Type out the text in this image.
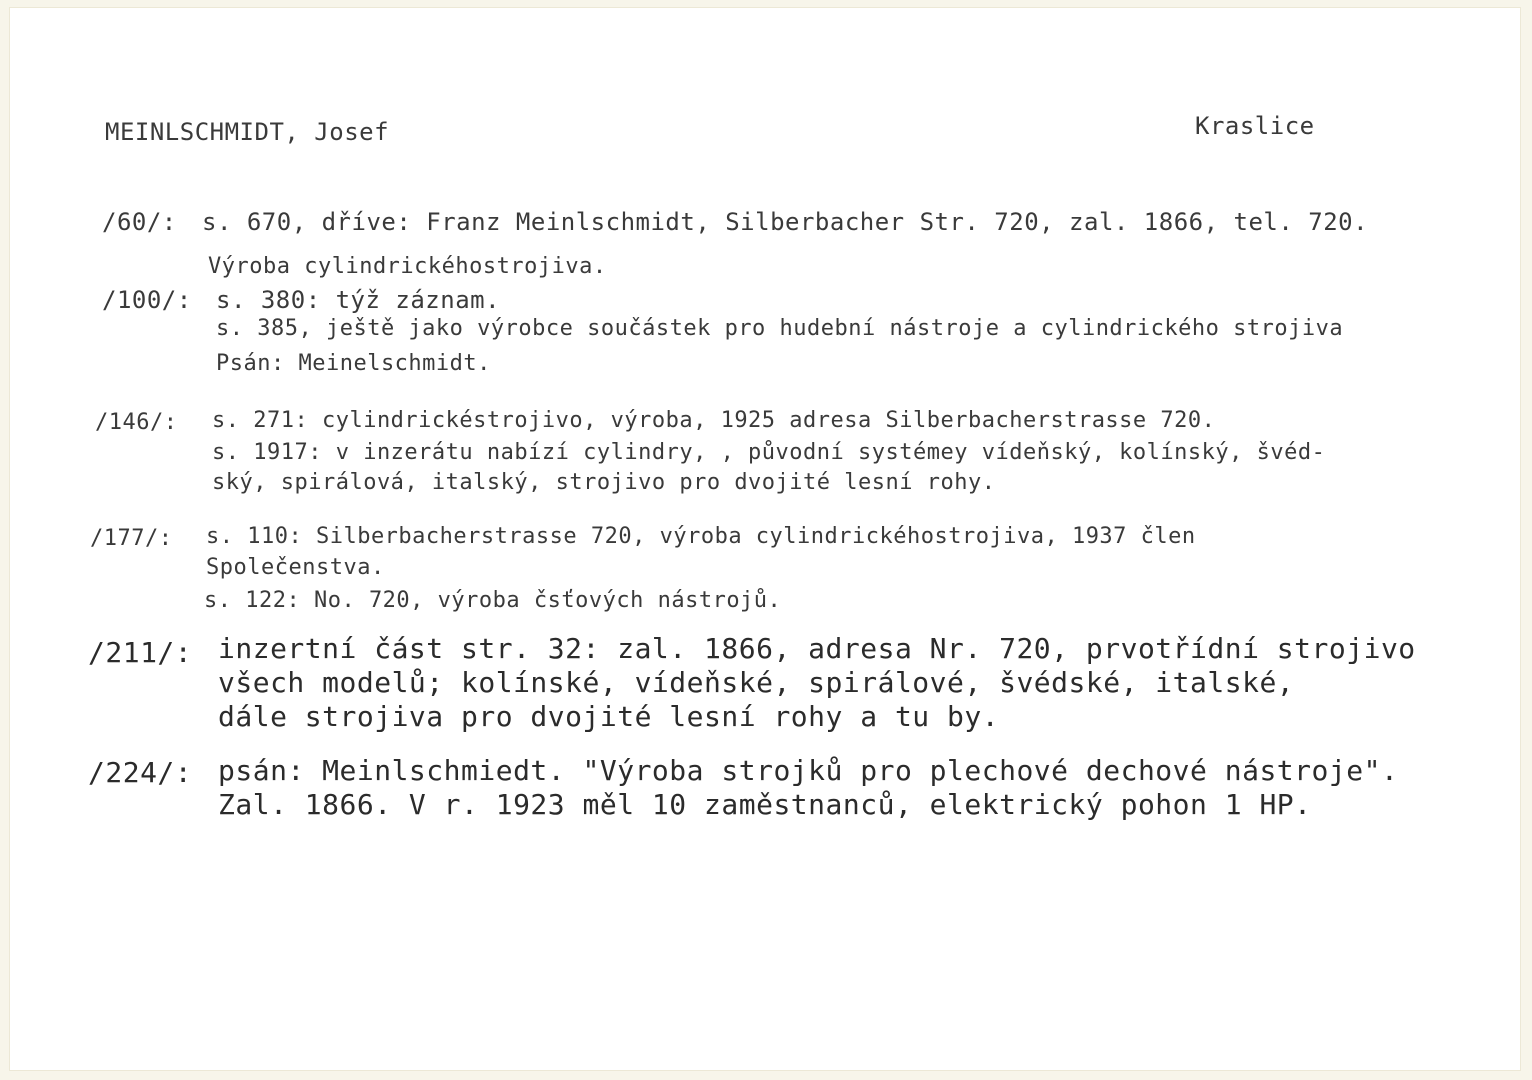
MEINLSCHMIDT, Josef	Kraslice
/60/: s. 670, dříve: Franz Meinlschmidt, Silberbacher Str. 720, zal. 1866, tel. 720.
Výroba cylindrickéhostrojiva.
/100/: s. 380: týž záznam.
s. 385, ještě jako výrobce součástek pro hudební nástroje a cylindrického strojiva
Psán: Meinelschmidt.
/146/: s. 271: cylindrickéstrojivo, výroba, 1925 adresa Silberbacherstrasse 720.
s. 1917: v inzerátu nabízí cylindry, , původní systémey vídeňský, kolínský, švéd-
ský, spirálová, italský, strojivo pro dvojité lesní rohy.
/177/: s. 110: Silberbacherstrasse 720, výroba cylindrickéhostrojiva, 1937 člen
Společenstva.
s. 122: No. 720, výroba čsťových nástrojů.
/211/: inzertní část str. 32: zal. 1866, adresa Nr. 720, prvotřídní strojivo
všech modelů; kolínské, vídeňské, spirálové, švédské, italské,
dále strojiva pro dvojité lesní rohy a tu by.
/224/: psán: Meinlschmiedt. "Výroba strojků pro plechové dechové nástroje".
Zal. 1866. V r. 1923 měl 10 zaměstnanců, elektrický pohon 1 HP.
